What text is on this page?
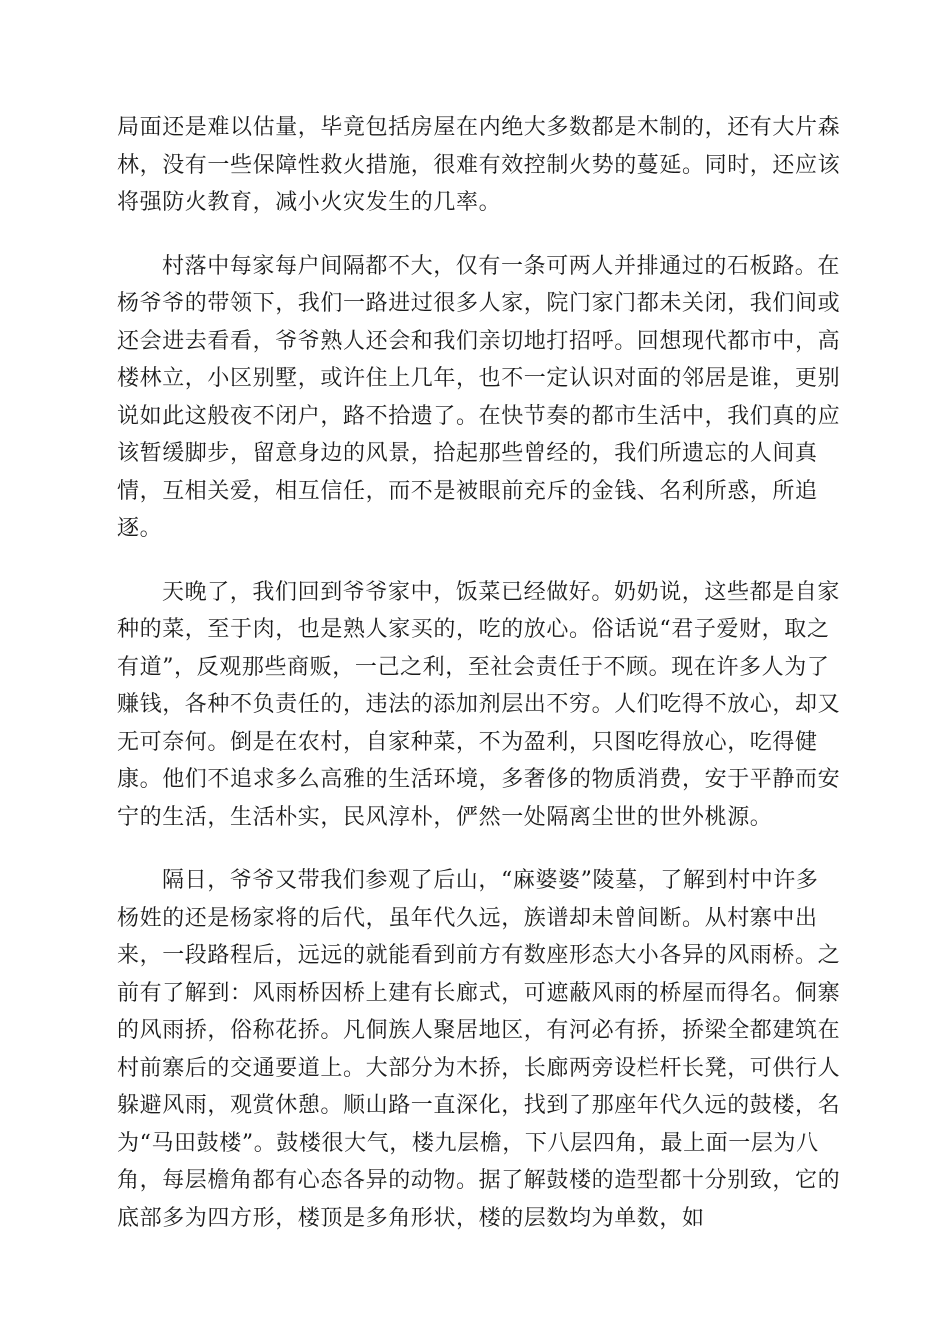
局面还是难以估量，毕竟包括房屋在内绝大多数都是木制的，还有大片森
林，没有一些保障性救火措施，很难有效控制火势的蔓延。同时，还应该
将强防火教育，减小火灾发生的几率。

村落中每家每户间隔都不大，仅有一条可两人并排通过的石板路。在
杨爷爷的带领下，我们一路进过很多人家，院门家门都未关闭，我们间或
还会进去看看，爷爷熟人还会和我们亲切地打招呼。回想现代都市中，高
楼林立，小区别墅，或许住上几年，也不一定认识对面的邻居是谁，更别
说如此这般夜不闭户，路不拾遗了。在快节奏的都市生活中，我们真的应
该暂缓脚步，留意身边的风景，拾起那些曾经的，我们所遗忘的人间真
情，互相关爱，相互信任，而不是被眼前充斥的金钱、名利所惑，所追
逐。

天晚了，我们回到爷爷家中，饭菜已经做好。奶奶说，这些都是自家
种的菜，至于肉，也是熟人家买的，吃的放心。俗话说“君子爱财，取之
有道”，反观那些商贩，一己之利，至社会责任于不顾。现在许多人为了
赚钱，各种不负责任的，违法的添加剂层出不穷。人们吃得不放心，却又
无可奈何。倒是在农村，自家种菜，不为盈利，只图吃得放心，吃得健
康。他们不追求多么高雅的生活环境，多奢侈的物质消费，安于平静而安
宁的生活，生活朴实，民风淳朴，俨然一处隔离尘世的世外桃源。

隔日，爷爷又带我们参观了后山，“麻婆婆”陵墓，了解到村中许多
杨姓的还是杨家将的后代，虽年代久远，族谱却未曾间断。从村寨中出
来，一段路程后，远远的就能看到前方有数座形态大小各异的风雨桥。之
前有了解到：风雨桥因桥上建有长廊式，可遮蔽风雨的桥屋而得名。侗寨
的风雨挢，俗称花挢。凡侗族人聚居地区，有河必有挢，挢梁全都建筑在
村前寨后的交通要道上。大部分为木挢，长廊两旁设栏杆长凳，可供行人
躲避风雨，观赏休憩。顺山路一直深化，找到了那座年代久远的鼓楼，名
为“马田鼓楼”。鼓楼很大气，楼九层檐，下八层四角，最上面一层为八
角，每层檐角都有心态各异的动物。据了解鼓楼的造型都十分别致，它的
底部多为四方形，楼顶是多角形状，楼的层数均为单数，如
